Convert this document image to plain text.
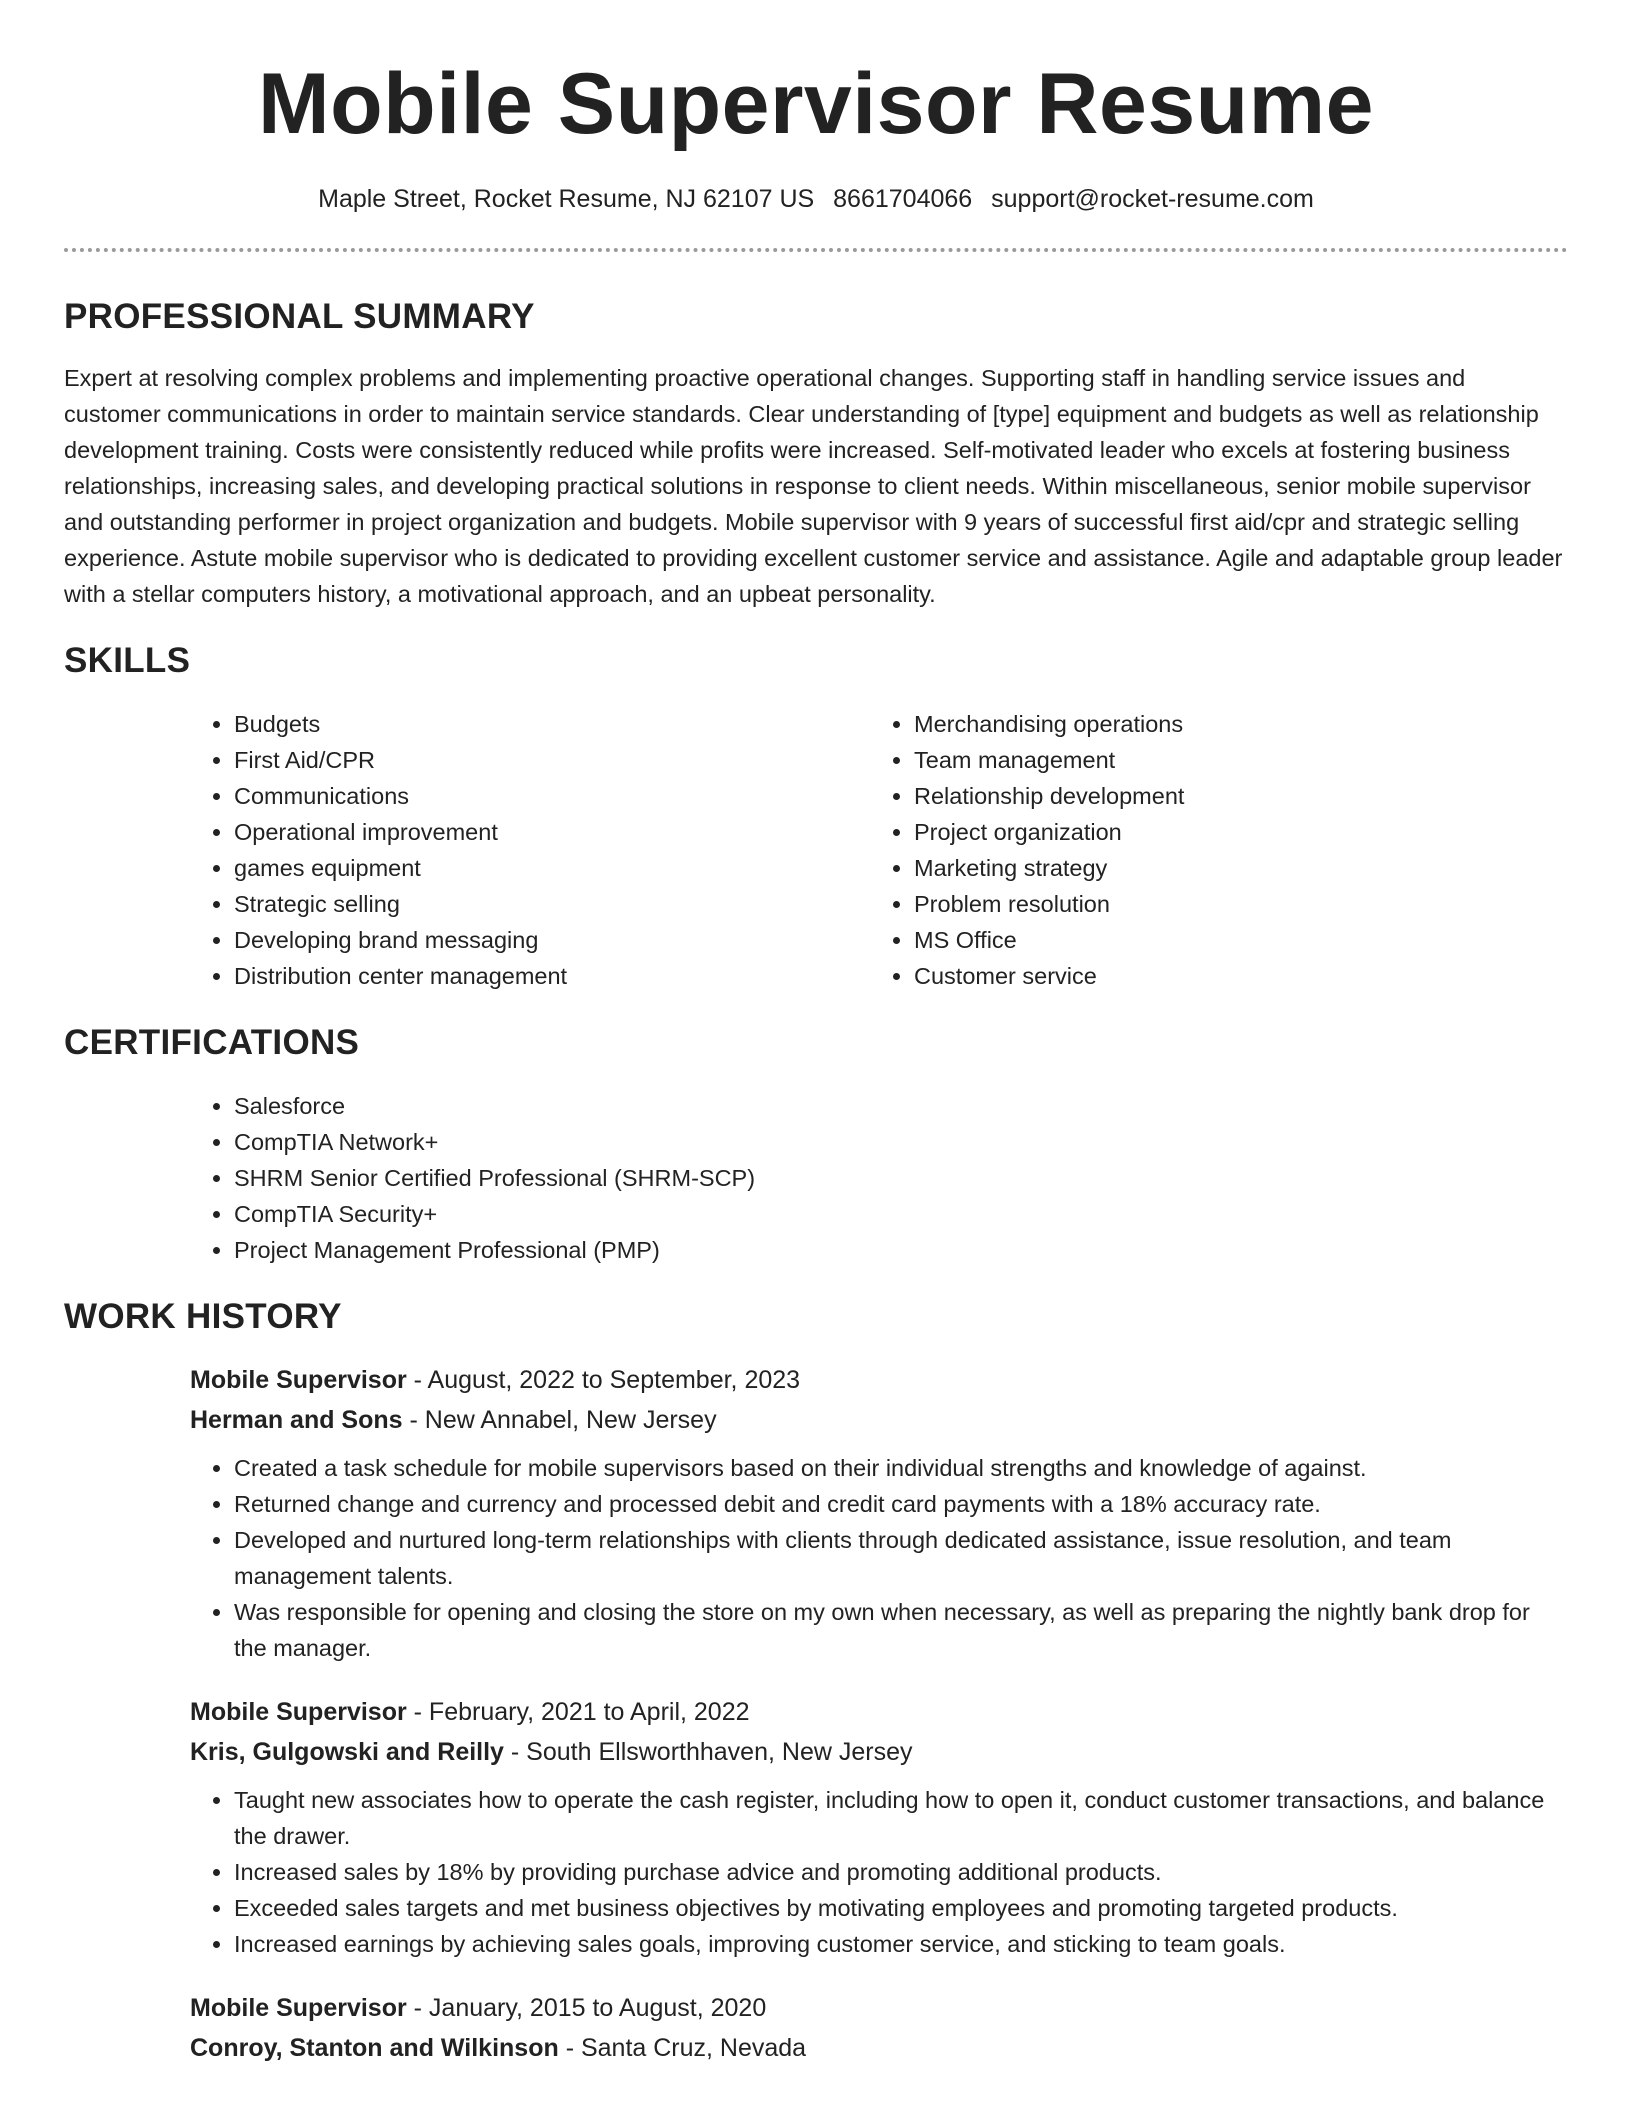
Mobile Supervisor Resume
Maple Street, Rocket Resume, NJ 62107 US 8661704066 support@rocket-resume.com
PROFESSIONAL SUMMARY

Expert at resolving complex problems and implementing proactive operational changes. Supporting staff in handling service issues and customer communications in order to maintain service standards. Clear understanding of [type] equipment and budgets as well as relationship development training. Costs were consistently reduced while profits were increased. Self-motivated leader who excels at fostering business relationships, increasing sales, and developing practical solutions in response to client needs. Within miscellaneous, senior mobile supervisor and outstanding performer in project organization and budgets. Mobile supervisor with 9 years of successful first aid/cpr and strategic selling experience. Astute mobile supervisor who is dedicated to providing excellent customer service and assistance. Agile and adaptable group leader with a stellar computers history, a motivational approach, and an upbeat personality.

SKILLS
• Budgets
• First Aid/CPR
• Communications
• Operational improvement
• games equipment
• Strategic selling
• Developing brand messaging
• Distribution center management
• Merchandising operations
• Team management
• Relationship development
• Project organization
• Marketing strategy
• Problem resolution
• MS Office
• Customer service
CERTIFICATIONS
• Salesforce
• CompTIA Network+
• SHRM Senior Certified Professional (SHRM-SCP)
• CompTIA Security+
• Project Management Professional (PMP)
WORK HISTORY
Mobile Supervisor - August, 2022 to September, 2023
Herman and Sons - New Annabel, New Jersey
• Created a task schedule for mobile supervisors based on their individual strengths and knowledge of against.
• Returned change and currency and processed debit and credit card payments with a 18% accuracy rate.
• Developed and nurtured long-term relationships with clients through dedicated assistance, issue resolution, and team management talents.
• Was responsible for opening and closing the store on my own when necessary, as well as preparing the nightly bank drop for the manager.
Mobile Supervisor - February, 2021 to April, 2022
Kris, Gulgowski and Reilly - South Ellsworthhaven, New Jersey
• Taught new associates how to operate the cash register, including how to open it, conduct customer transactions, and balance the drawer.
• Increased sales by 18% by providing purchase advice and promoting additional products.
• Exceeded sales targets and met business objectives by motivating employees and promoting targeted products.
• Increased earnings by achieving sales goals, improving customer service, and sticking to team goals.
Mobile Supervisor - January, 2015 to August, 2020
Conroy, Stanton and Wilkinson - Santa Cruz, Nevada
